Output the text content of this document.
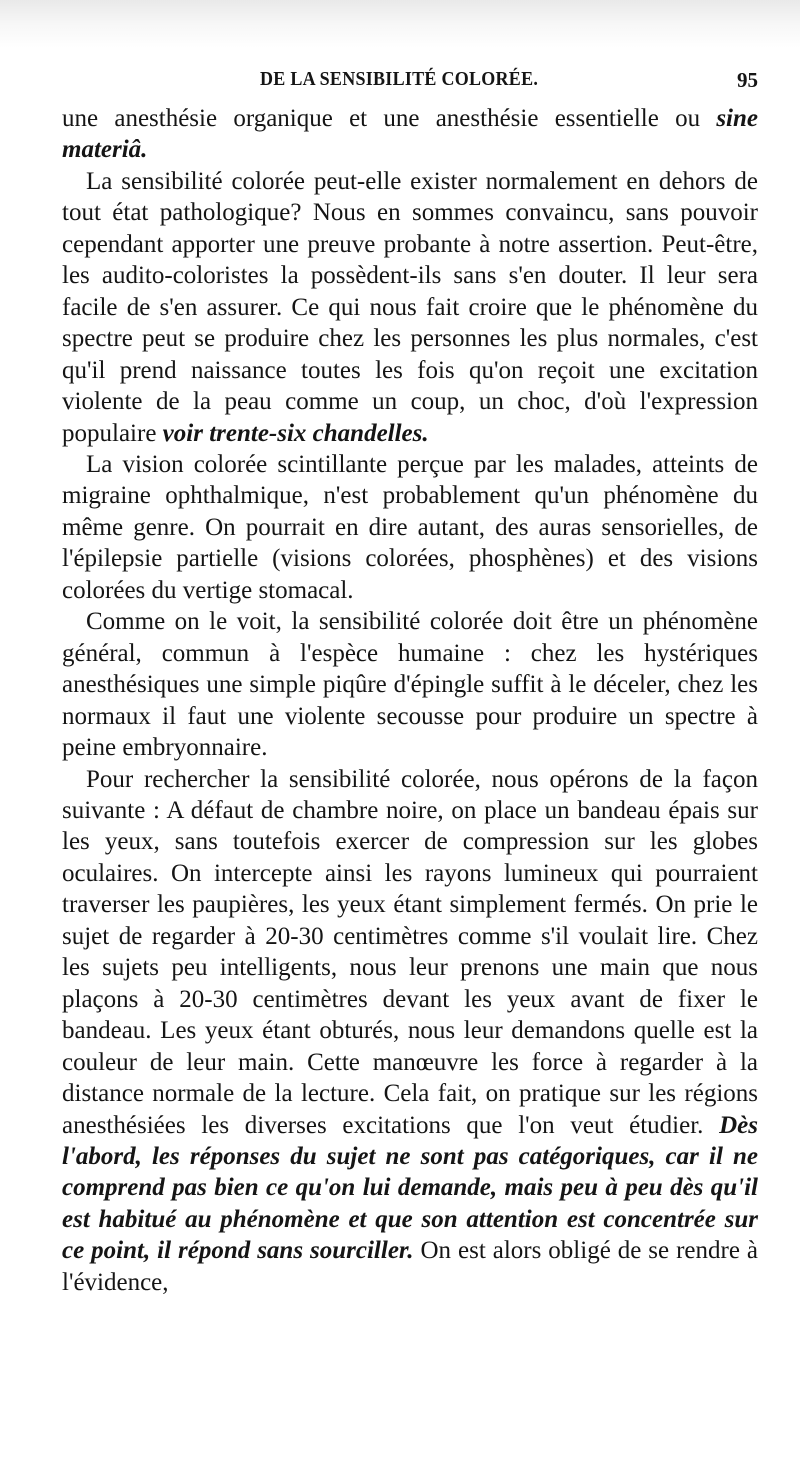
DE LA SENSIBILITÉ COLORÉE.	95

une anesthésie organique et une anesthésie essentielle ou sine materiâ.

La sensibilité colorée peut-elle exister normalement en dehors de tout état pathologique? Nous en sommes convaincu, sans pouvoir cependant apporter une preuve probante à notre assertion. Peut-être, les audito-coloristes la possèdent-ils sans s'en douter. Il leur sera facile de s'en assurer. Ce qui nous fait croire que le phénomène du spectre peut se produire chez les personnes les plus normales, c'est qu'il prend naissance toutes les fois qu'on reçoit une excitation violente de la peau comme un coup, un choc, d'où l'expression populaire voir trente-six chandelles.

La vision colorée scintillante perçue par les malades, atteints de migraine ophthalmique, n'est probablement qu'un phénomène du même genre. On pourrait en dire autant, des auras sensorielles, de l'épilepsie partielle (visions colorées, phosphènes) et des visions colorées du vertige stomacal.

Comme on le voit, la sensibilité colorée doit être un phénomène général, commun à l'espèce humaine : chez les hystériques anesthésiques une simple piqûre d'épingle suffit à le déceler, chez les normaux il faut une violente secousse pour produire un spectre à peine embryonnaire.

Pour rechercher la sensibilité colorée, nous opérons de la façon suivante : A défaut de chambre noire, on place un bandeau épais sur les yeux, sans toutefois exercer de compression sur les globes oculaires. On intercepte ainsi les rayons lumineux qui pourraient traverser les paupières, les yeux étant simplement fermés. On prie le sujet de regarder à 20-30 centimètres comme s'il voulait lire. Chez les sujets peu intelligents, nous leur prenons une main que nous plaçons à 20-30 centimètres devant les yeux avant de fixer le bandeau. Les yeux étant obturés, nous leur demandons quelle est la couleur de leur main. Cette manœuvre les force à regarder à la distance normale de la lecture. Cela fait, on pratique sur les régions anesthésiées les diverses excitations que l'on veut étudier. Dès l'abord, les réponses du sujet ne sont pas catégoriques, car il ne comprend pas bien ce qu'on lui demande, mais peu à peu dès qu'il est habitué au phénomène et que son attention est concentrée sur ce point, il répond sans sourciller. On est alors obligé de se rendre à l'évidence,
